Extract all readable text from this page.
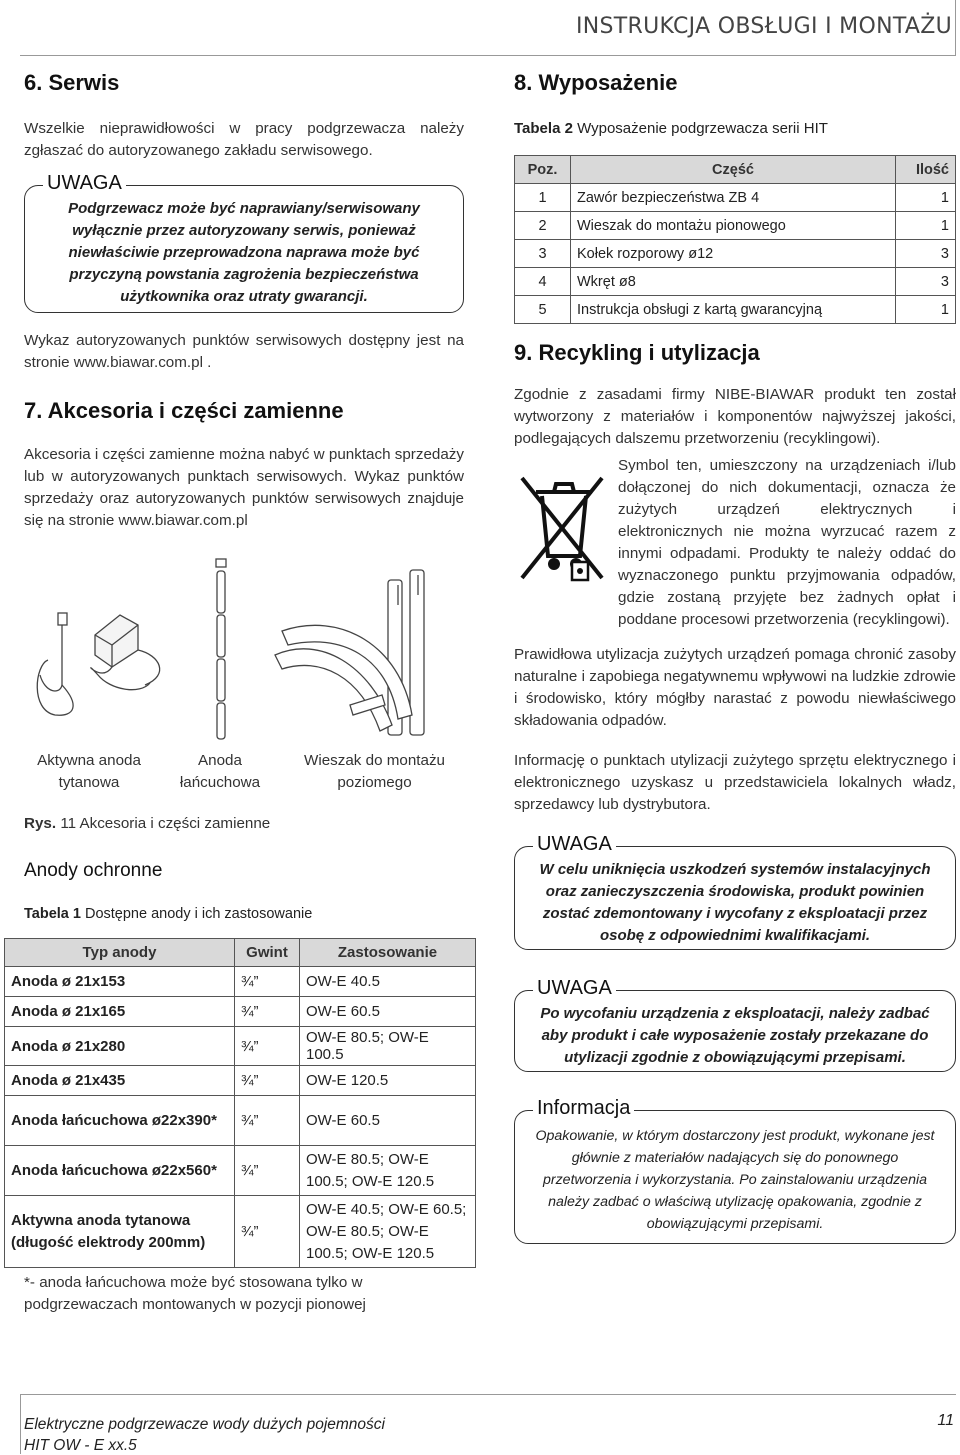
INSTRUKCJA OBSŁUGI I MONTAŻU
6. Serwis

Wszelkie nieprawidłowości w pracy podgrzewacza należy zgłaszać do autoryzowanego zakładu serwisowego.

UWAGA

Podgrzewacz może być naprawiany/serwisowany wyłącznie przez autoryzowany serwis, ponieważ niewłaściwie przeprowadzona naprawa może być przyczyną powstania zagrożenia bezpieczeństwa użytkownika oraz utraty gwarancji.

Wykaz autoryzowanych punktów serwisowych dostępny jest na stronie www.biawar.com.pl .

7. Akcesoria i części zamienne

Akcesoria i części zamienne można nabyć w punktach sprzedaży lub w autoryzowanych punktach serwisowych. Wykaz punktów sprzedaży oraz autoryzowanych punktów serwisowych znajduje się na stronie www.biawar.com.pl

Aktywna anoda
tytanowa
Anoda
łańcuchowa
Wieszak do montażu
poziomego
Rys. 11 Akcesoria i części zamienne
Anody ochronne
Tabela 1 Dostępne anody i ich zastosowanie
Typ anody	Gwint	Zastosowanie
Anoda ø 21x153	¾”	OW-E 40.5
Anoda ø 21x165	¾”	OW-E 60.5
Anoda ø 21x280	¾”	OW-E 80.5; OW-E 100.5
Anoda ø 21x435	¾”	OW-E 120.5
Anoda łańcuchowa ø22x390*	¾”	OW-E 60.5
Anoda łańcuchowa ø22x560*	¾”	OW-E 80.5; OW-E 100.5; OW-E 120.5
Aktywna anoda tytanowa (długość elektrody 200mm)	¾”	OW-E 40.5; OW-E 60.5; OW-E 80.5; OW-E 100.5; OW-E 120.5

*- anoda łańcuchowa może być stosowana tylko w podgrzewaczach montowanych w pozycji pionowej

8. Wyposażenie
Tabela 2 Wyposażenie podgrzewacza serii HIT
Poz.	Część	Ilość
1	Zawór bezpieczeństwa ZB 4	1
2	Wieszak do montażu pionowego	1
3	Kołek rozporowy ø12	3
4	Wkręt ø8	3
5	Instrukcja obsługi z kartą gwarancyjną	1
9. Recykling i utylizacja

Zgodnie z zasadami firmy NIBE-BIAWAR produkt ten został wytworzony z materiałów i komponentów najwyższej jakości, podlegających dalszemu przetworzeniu (recyklingowi).

Symbol ten, umieszczony na urządzeniach i/lub dołączonej do nich dokumentacji, oznacza że zużytych urządzeń elektrycznych i elektronicznych nie można wyrzucać razem z innymi odpadami. Produkty te należy oddać do wyznaczonego punktu przyjmowania odpadów, gdzie zostaną przyjęte bez żadnych opłat i poddane procesowi przetworzenia (recyklingowi).

Prawidłowa utylizacja zużytych urządzeń pomaga chronić zasoby naturalne i zapobiega negatywnemu wpływowi na ludzkie zdrowie i środowisko, który mógłby narastać z powodu niewłaściwego składowania odpadów.

Informację o punktach utylizacji zużytego sprzętu elektrycznego i elektronicznego uzyskasz u przedstawiciela lokalnych władz, sprzedawcy lub dystrybutora.

UWAGA

W celu uniknięcia uszkodzeń systemów instalacyjnych oraz zanieczyszczenia środowiska, produkt powinien zostać zdemontowany i wycofany z eksploatacji przez osobę z odpowiednimi kwalifikacjami.

UWAGA

Po wycofaniu urządzenia z eksploatacji, należy zadbać aby produkt i całe wyposażenie zostały przekazane do utylizacji zgodnie z obowiązującymi przepisami.

Informacja

Opakowanie, w którym dostarczony jest produkt, wykonane jest głównie z materiałów nadających się do ponownego przetworzenia i wykorzystania. Po zainstalowaniu urządzenia należy zadbać o właściwą utylizację opakowania, zgodnie z obowiązującymi przepisami.

Elektryczne podgrzewacze wody dużych pojemności
HIT OW - E xx.5
11
